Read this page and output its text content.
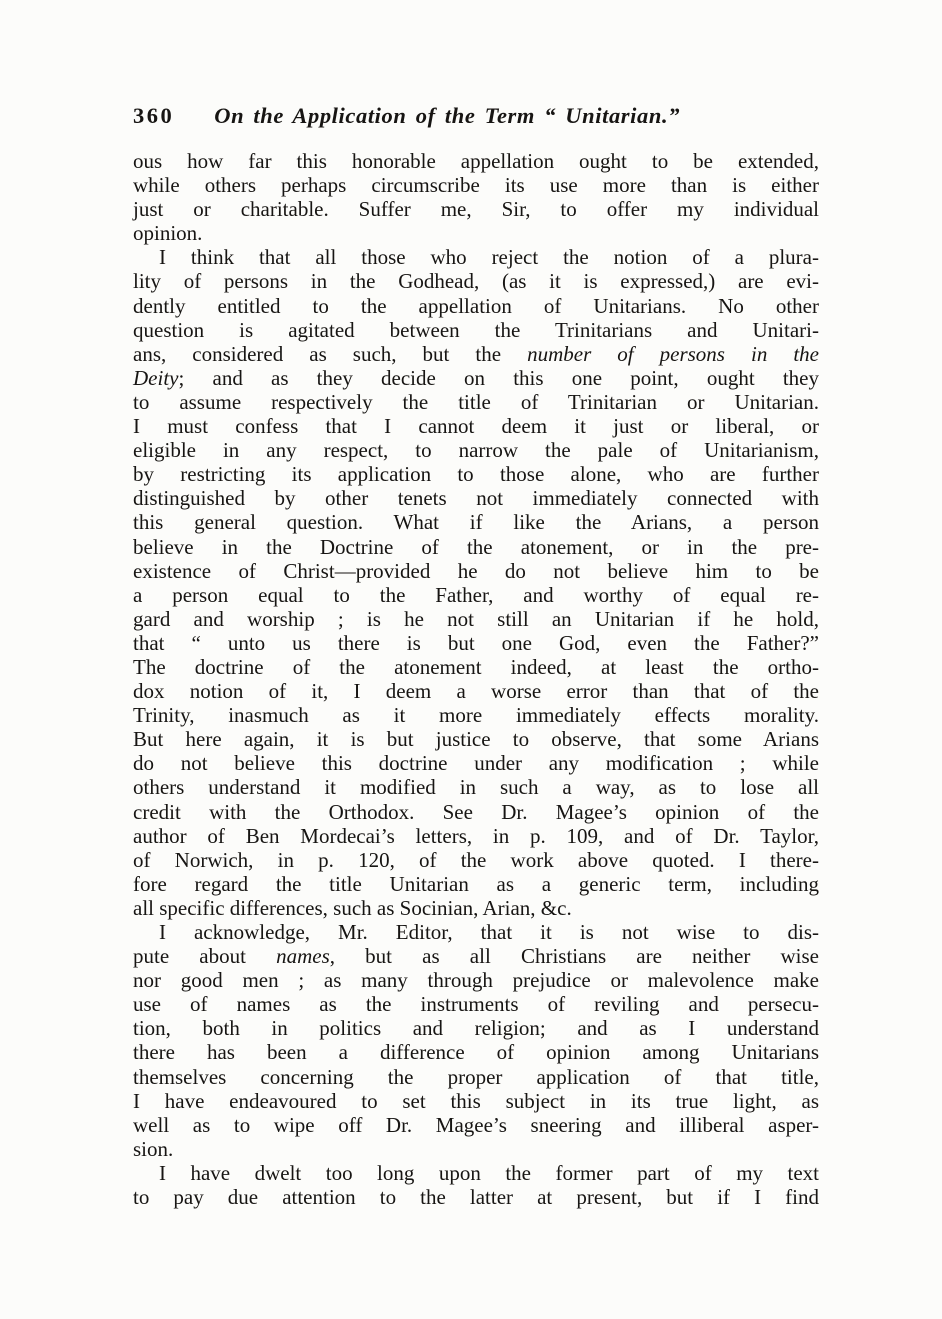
360 On the Application of the Term “ Unitarian.”
ous how far this honorable appellation ought to be extended,
while others perhaps circumscribe its use more than is either
just or charitable. Suffer me, Sir, to offer my individual
opinion.
I think that all those who reject the notion of a plura-
lity of persons in the Godhead, (as it is expressed,) are evi-
dently entitled to the appellation of Unitarians. No other
question is agitated between the Trinitarians and Unitari-
ans, considered as such, but the number of persons in the
Deity; and as they decide on this one point, ought they
to assume respectively the title of Trinitarian or Unitarian.
I must confess that I cannot deem it just or liberal, or
eligible in any respect, to narrow the pale of Unitarianism,
by restricting its application to those alone, who are further
distinguished by other tenets not immediately connected with
this general question. What if like the Arians, a person
believe in the Doctrine of the atonement, or in the pre-
existence of Christ—provided he do not believe him to be
a person equal to the Father, and worthy of equal re-
gard and worship ; is he not still an Unitarian if he hold,
that “ unto us there is but one God, even the Father?”
The doctrine of the atonement indeed, at least the ortho-
dox notion of it, I deem a worse error than that of the
Trinity, inasmuch as it more immediately effects morality.
But here again, it is but justice to observe, that some Arians
do not believe this doctrine under any modification ; while
others understand it modified in such a way, as to lose all
credit with the Orthodox. See Dr. Magee’s opinion of the
author of Ben Mordecai’s letters, in p. 109, and of Dr. Taylor,
of Norwich, in p. 120, of the work above quoted. I there-
fore regard the title Unitarian as a generic term, including
all specific differences, such as Socinian, Arian, &c.
I acknowledge, Mr. Editor, that it is not wise to dis-
pute about names, but as all Christians are neither wise
nor good men ; as many through prejudice or malevolence make
use of names as the instruments of reviling and persecu-
tion, both in politics and religion; and as I understand
there has been a difference of opinion among Unitarians
themselves concerning the proper application of that title,
I have endeavoured to set this subject in its true light, as
well as to wipe off Dr. Magee’s sneering and illiberal asper-
sion.
I have dwelt too long upon the former part of my text
to pay due attention to the latter at present, but if I find
